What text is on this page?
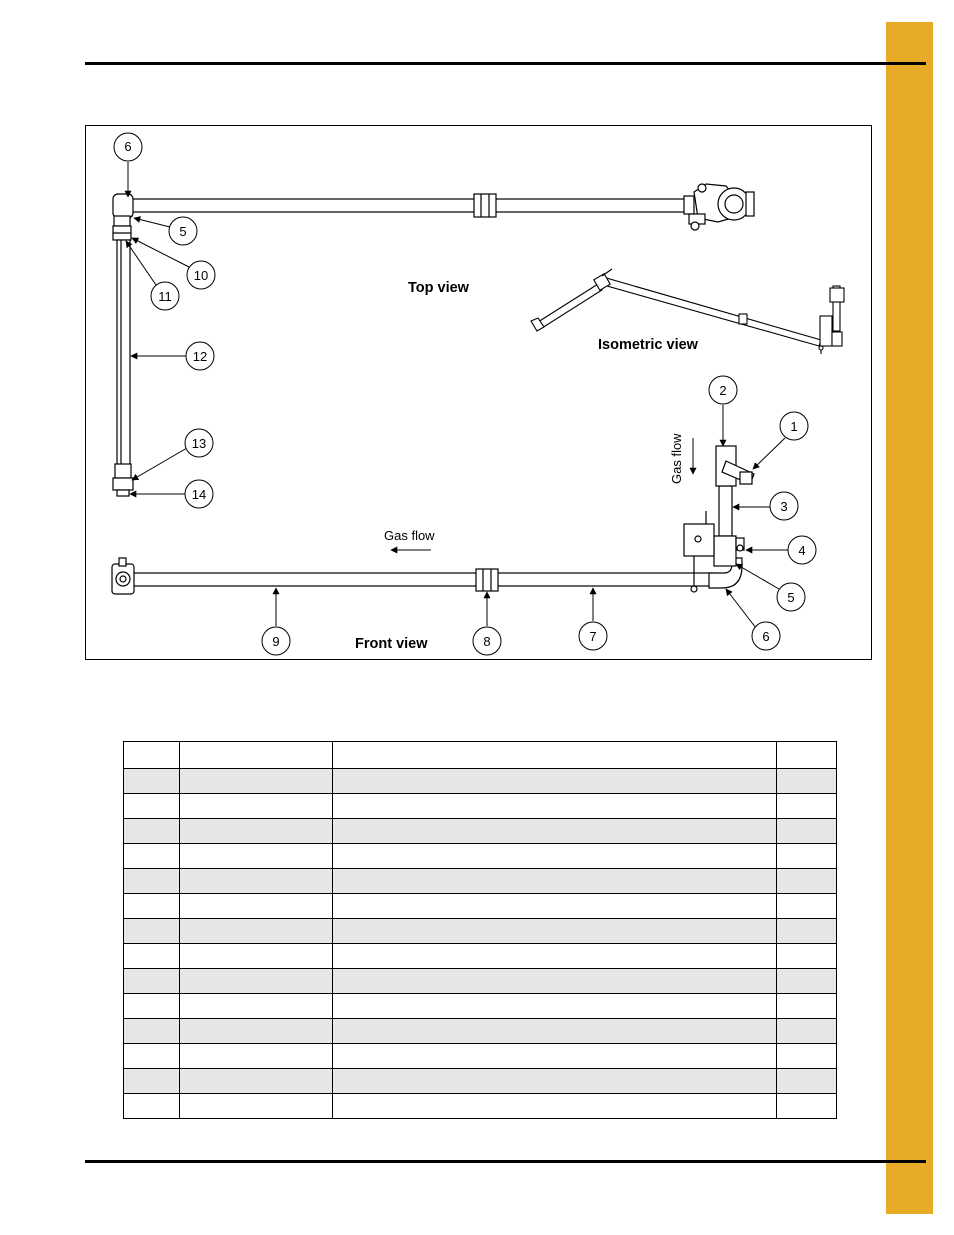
Top view
Isometric view
Front view
Gas flow
Gas flow
6
5
10
11
12
13
14
2
1
3
4
5
6
7
8
9
